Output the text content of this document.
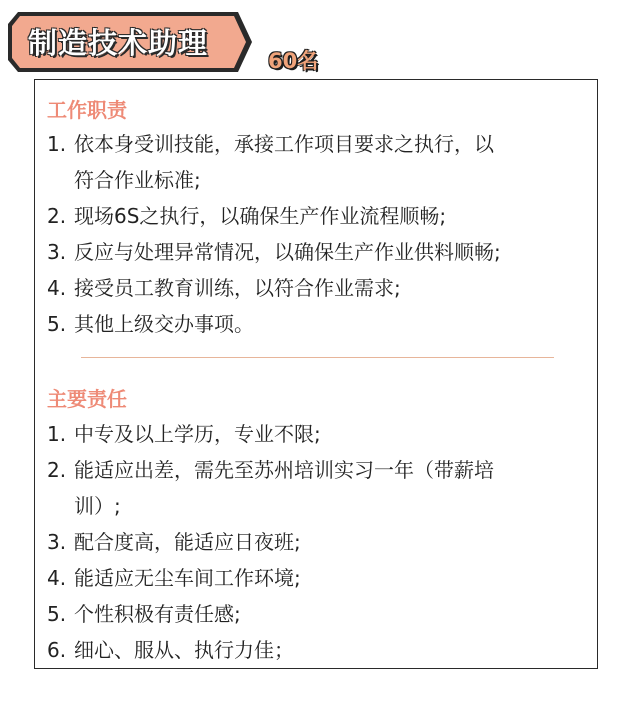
制造技术助理
60名
工作职责
1. 依本身受训技能，承接工作项目要求之执行，以
符合作业标准;
2. 现场6S之执行，以确保生产作业流程顺畅;
3. 反应与处理异常情况，以确保生产作业供料顺畅;
4. 接受员工教育训练，以符合作业需求;
5. 其他上级交办事项。
主要责任
1. 中专及以上学历，专业不限;
2. 能适应出差，需先至苏州培训实习一年（带薪培
训）;
3. 配合度高，能适应日夜班;
4. 能适应无尘车间工作环境;
5. 个性积极有责任感;
6. 细心、服从、执行力佳；
